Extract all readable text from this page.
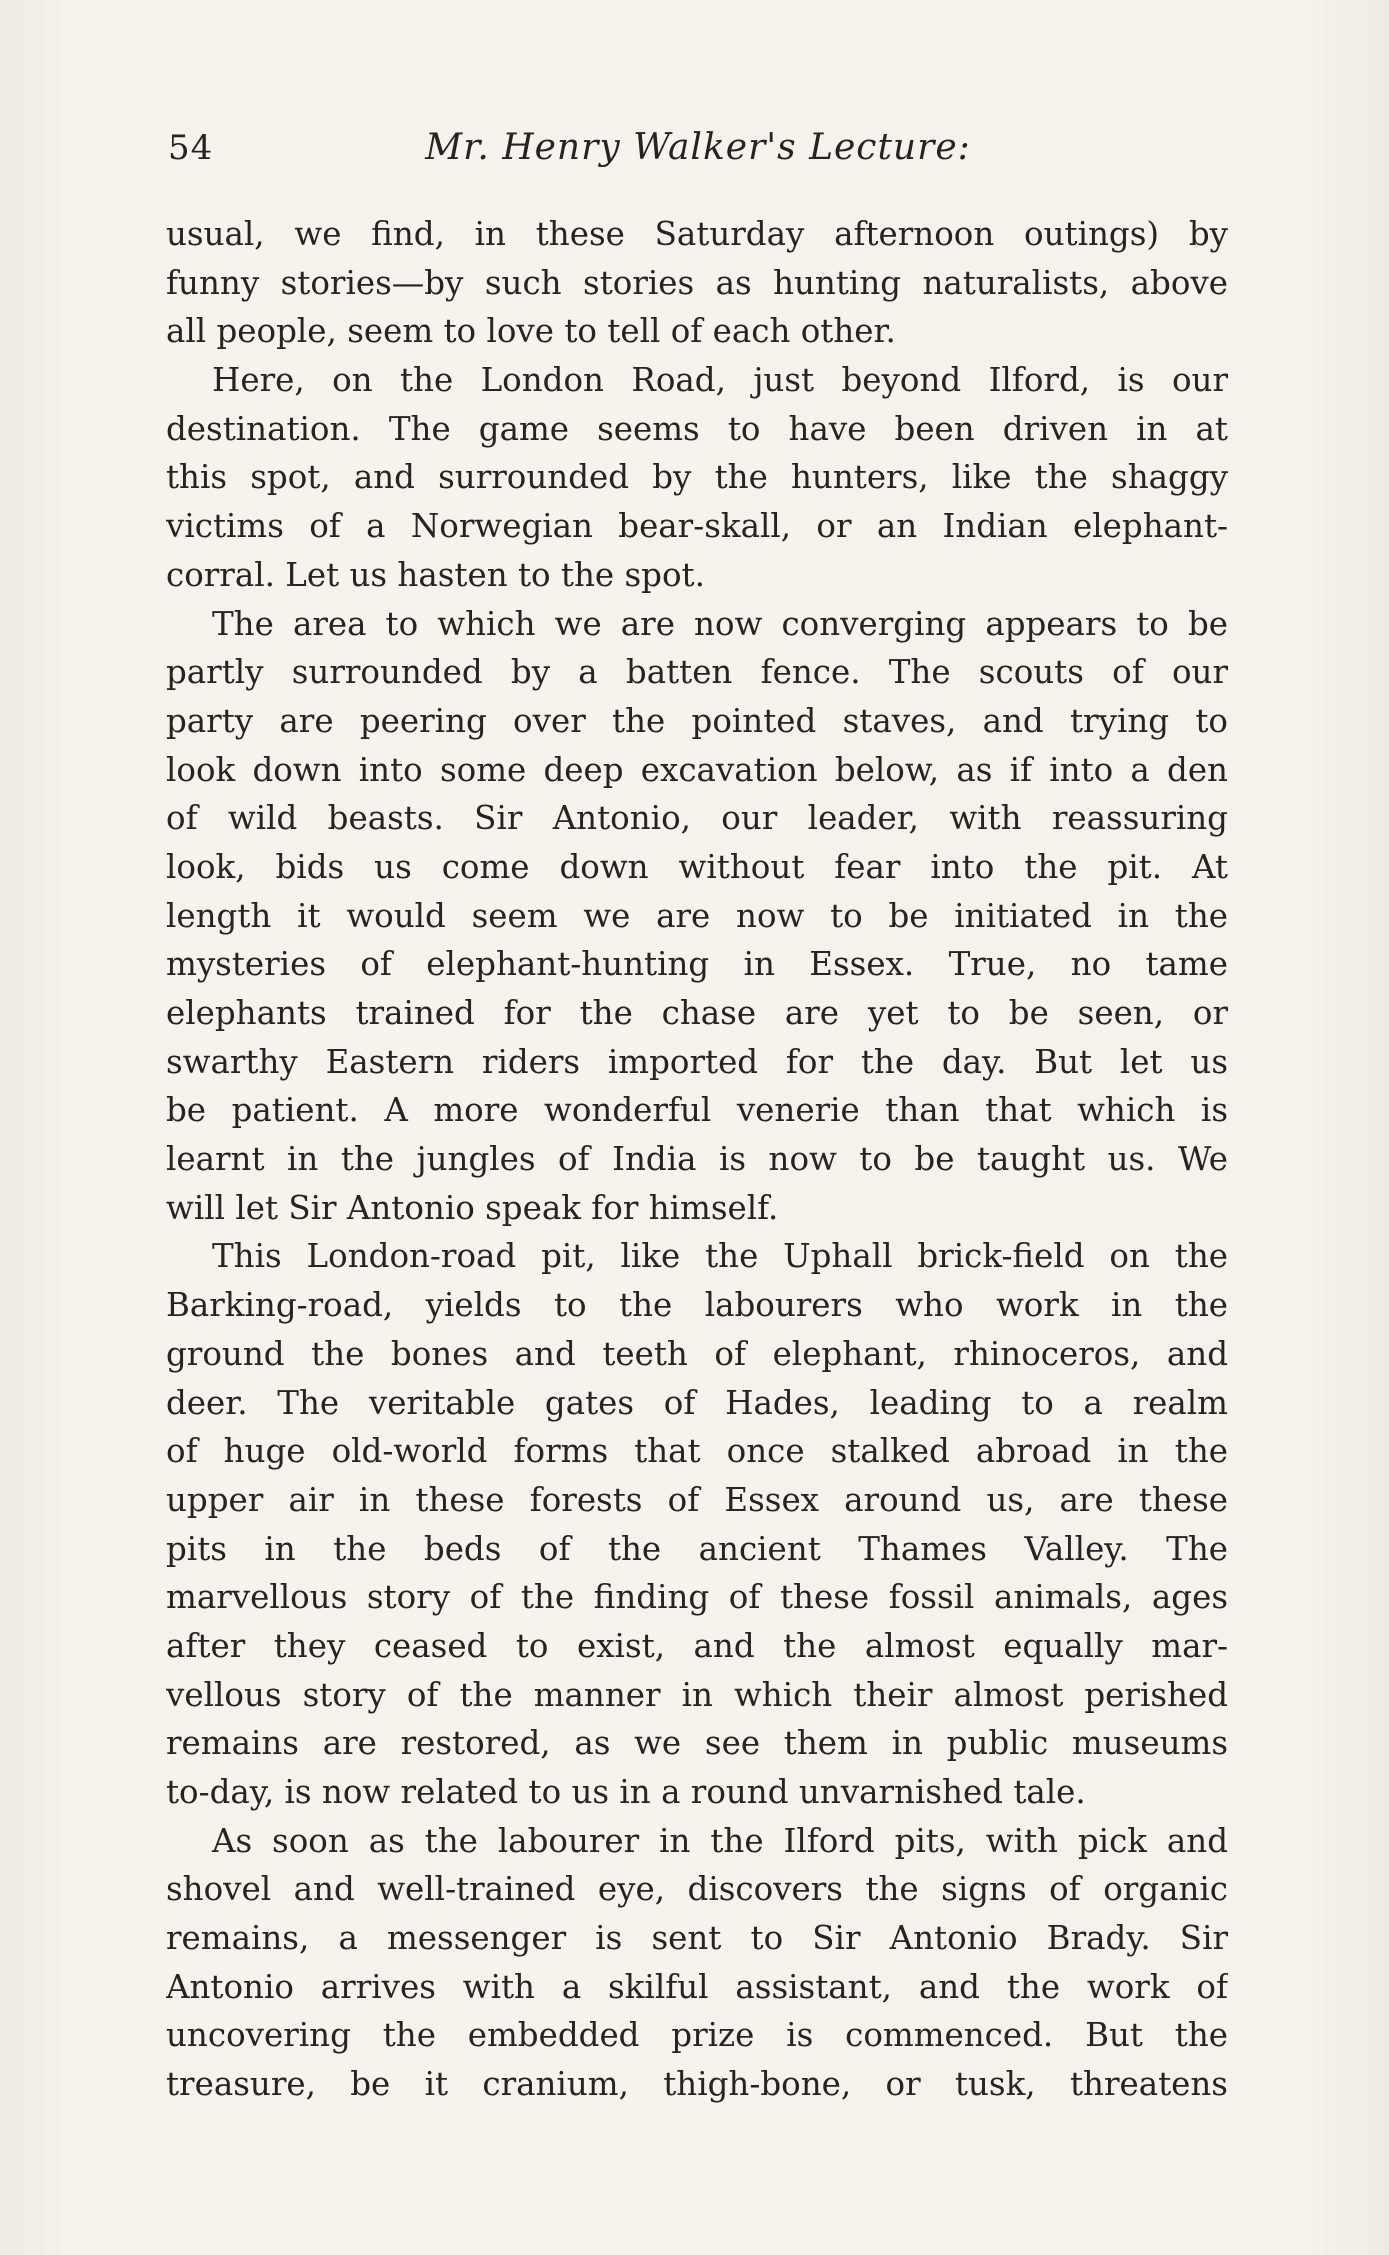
54	Mr. Henry Walker's Lecture:
usual, we find, in these Saturday afternoon outings) by
funny stories—by such stories as hunting naturalists, above
all people, seem to love to tell of each other.
Here, on the London Road, just beyond Ilford, is our
destination. The game seems to have been driven in at
this spot, and surrounded by the hunters, like the shaggy
victims of a Norwegian bear-skall, or an Indian elephant-
corral. Let us hasten to the spot.
The area to which we are now converging appears to be
partly surrounded by a batten fence. The scouts of our
party are peering over the pointed staves, and trying to
look down into some deep excavation below, as if into a den
of wild beasts. Sir Antonio, our leader, with reassuring
look, bids us come down without fear into the pit. At
length it would seem we are now to be initiated in the
mysteries of elephant-hunting in Essex. True, no tame
elephants trained for the chase are yet to be seen, or
swarthy Eastern riders imported for the day. But let us
be patient. A more wonderful venerie than that which is
learnt in the jungles of India is now to be taught us. We
will let Sir Antonio speak for himself.
This London-road pit, like the Uphall brick-field on the
Barking-road, yields to the labourers who work in the
ground the bones and teeth of elephant, rhinoceros, and
deer. The veritable gates of Hades, leading to a realm
of huge old-world forms that once stalked abroad in the
upper air in these forests of Essex around us, are these
pits in the beds of the ancient Thames Valley. The
marvellous story of the finding of these fossil animals, ages
after they ceased to exist, and the almost equally mar-
vellous story of the manner in which their almost perished
remains are restored, as we see them in public museums
to-day, is now related to us in a round unvarnished tale.
As soon as the labourer in the Ilford pits, with pick and
shovel and well-trained eye, discovers the signs of organic
remains, a messenger is sent to Sir Antonio Brady. Sir
Antonio arrives with a skilful assistant, and the work of
uncovering the embedded prize is commenced. But the
treasure, be it cranium, thigh-bone, or tusk, threatens
